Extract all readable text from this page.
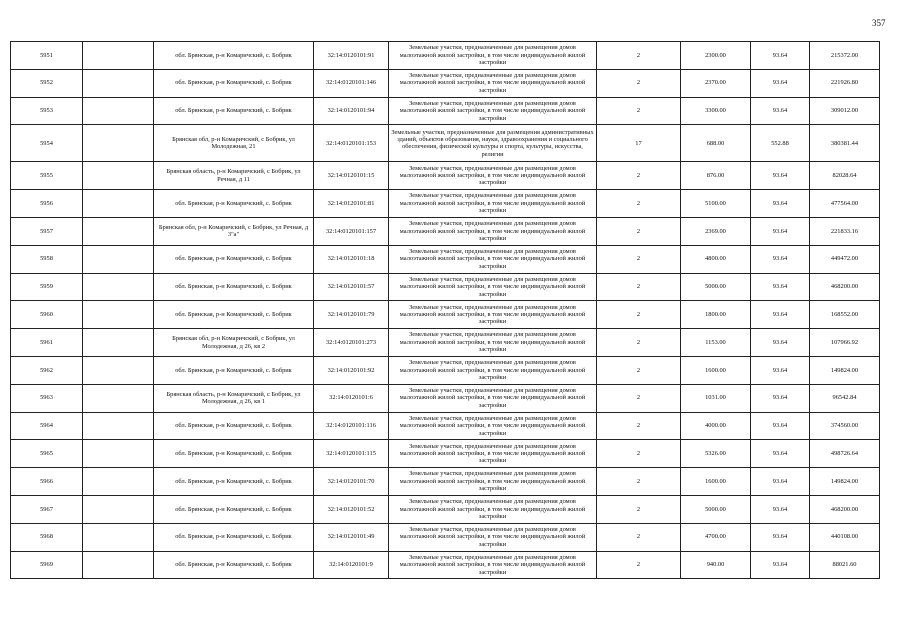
357
5951		обл. Брянская, р-н Комаричский, с. Бобрик	32:14:0120101:91	Земельные участки, предназначенные для размещения домов малоэтажной жилой застройки, в том числе индивидуальной жилой застройки	2	2300.00	93.64	215372.00
5952		обл. Брянская, р-н Комаричский, с. Бобрик	32:14:0120101:146	Земельные участки, предназначенные для размещения домов малоэтажной жилой застройки, в том числе индивидуальной жилой застройки	2	2370.00	93.64	221926.80
5953		обл. Брянская, р-н Комаричский, с. Бобрик	32:14:0120101:94	Земельные участки, предназначенные для размещения домов малоэтажной жилой застройки, в том числе индивидуальной жилой застройки	2	3300.00	93.64	309012.00
5954		Брянская обл, р-н Комаричский, с Бобрик, ул Молодежная, 21	32:14:0120101:153	Земельные участки, предназначенные для размещения административных зданий, объектов образования, науки, здравоохранения и социального обеспечения, физической культуры и спорта, культуры, искусства, религии	17	688.00	552.88	380381.44
5955		Брянская область, р-н Комаричский, с Бобрик, ул Речная, д 11	32:14:0120101:15	Земельные участки, предназначенные для размещения домов малоэтажной жилой застройки, в том числе индивидуальной жилой застройки	2	876.00	93.64	82028.64
5956		обл. Брянская, р-н Комаричский, с. Бобрик	32:14:0120101:81	Земельные участки, предназначенные для размещения домов малоэтажной жилой застройки, в том числе индивидуальной жилой застройки	2	5100.00	93.64	477564.00
5957		Брянская обл, р-н Комаричский, с Бобрик, ул Речная, д 3"а"	32:14:0120101:157	Земельные участки, предназначенные для размещения домов малоэтажной жилой застройки, в том числе индивидуальной жилой застройки	2	2369.00	93.64	221833.16
5958		обл. Брянская, р-н Комаричский, с. Бобрик	32:14:0120101:18	Земельные участки, предназначенные для размещения домов малоэтажной жилой застройки, в том числе индивидуальной жилой застройки	2	4800.00	93.64	449472.00
5959		обл. Брянская, р-н Комаричский, с. Бобрик	32:14:0120101:57	Земельные участки, предназначенные для размещения домов малоэтажной жилой застройки, в том числе индивидуальной жилой застройки	2	5000.00	93.64	468200.00
5960		обл. Брянская, р-н Комаричский, с. Бобрик	32:14:0120101:79	Земельные участки, предназначенные для размещения домов малоэтажной жилой застройки, в том числе индивидуальной жилой застройки	2	1800.00	93.64	168552.00
5961		Брянская обл, р-н Комаричский, с Бобрик, ул Молодежная, д 26, кв 2	32:14:0120101:273	Земельные участки, предназначенные для размещения домов малоэтажной жилой застройки, в том числе индивидуальной жилой застройки	2	1153.00	93.64	107966.92
5962		обл. Брянская, р-н Комаричский, с. Бобрик	32:14:0120101:92	Земельные участки, предназначенные для размещения домов малоэтажной жилой застройки, в том числе индивидуальной жилой застройки	2	1600.00	93.64	149824.00
5963		Брянская область, р-н Комаричский, с Бобрик, ул Молодежная, д 26, кв 1	32:14:0120101:6	Земельные участки, предназначенные для размещения домов малоэтажной жилой застройки, в том числе индивидуальной жилой застройки	2	1031.00	93.64	96542.84
5964		обл. Брянская, р-н Комаричский, с. Бобрик	32:14:0120101:116	Земельные участки, предназначенные для размещения домов малоэтажной жилой застройки, в том числе индивидуальной жилой застройки	2	4000.00	93.64	374560.00
5965		обл. Брянская, р-н Комаричский, с. Бобрик	32:14:0120101:115	Земельные участки, предназначенные для размещения домов малоэтажной жилой застройки, в том числе индивидуальной жилой застройки	2	5326.00	93.64	498726.64
5966		обл. Брянская, р-н Комаричский, с. Бобрик	32:14:0120101:70	Земельные участки, предназначенные для размещения домов малоэтажной жилой застройки, в том числе индивидуальной жилой застройки	2	1600.00	93.64	149824.00
5967		обл. Брянская, р-н Комаричский, с. Бобрик	32:14:0120101:52	Земельные участки, предназначенные для размещения домов малоэтажной жилой застройки, в том числе индивидуальной жилой застройки	2	5000.00	93.64	468200.00
5968		обл. Брянская, р-н Комаричский, с. Бобрик	32:14:0120101:49	Земельные участки, предназначенные для размещения домов малоэтажной жилой застройки, в том числе индивидуальной жилой застройки	2	4700.00	93.64	440108.00
5969		обл. Брянская, р-н Комаричский, с. Бобрик	32:14:0120101:9	Земельные участки, предназначенные для размещения домов малоэтажной жилой застройки, в том числе индивидуальной жилой застройки	2	940.00	93.64	88021.60
